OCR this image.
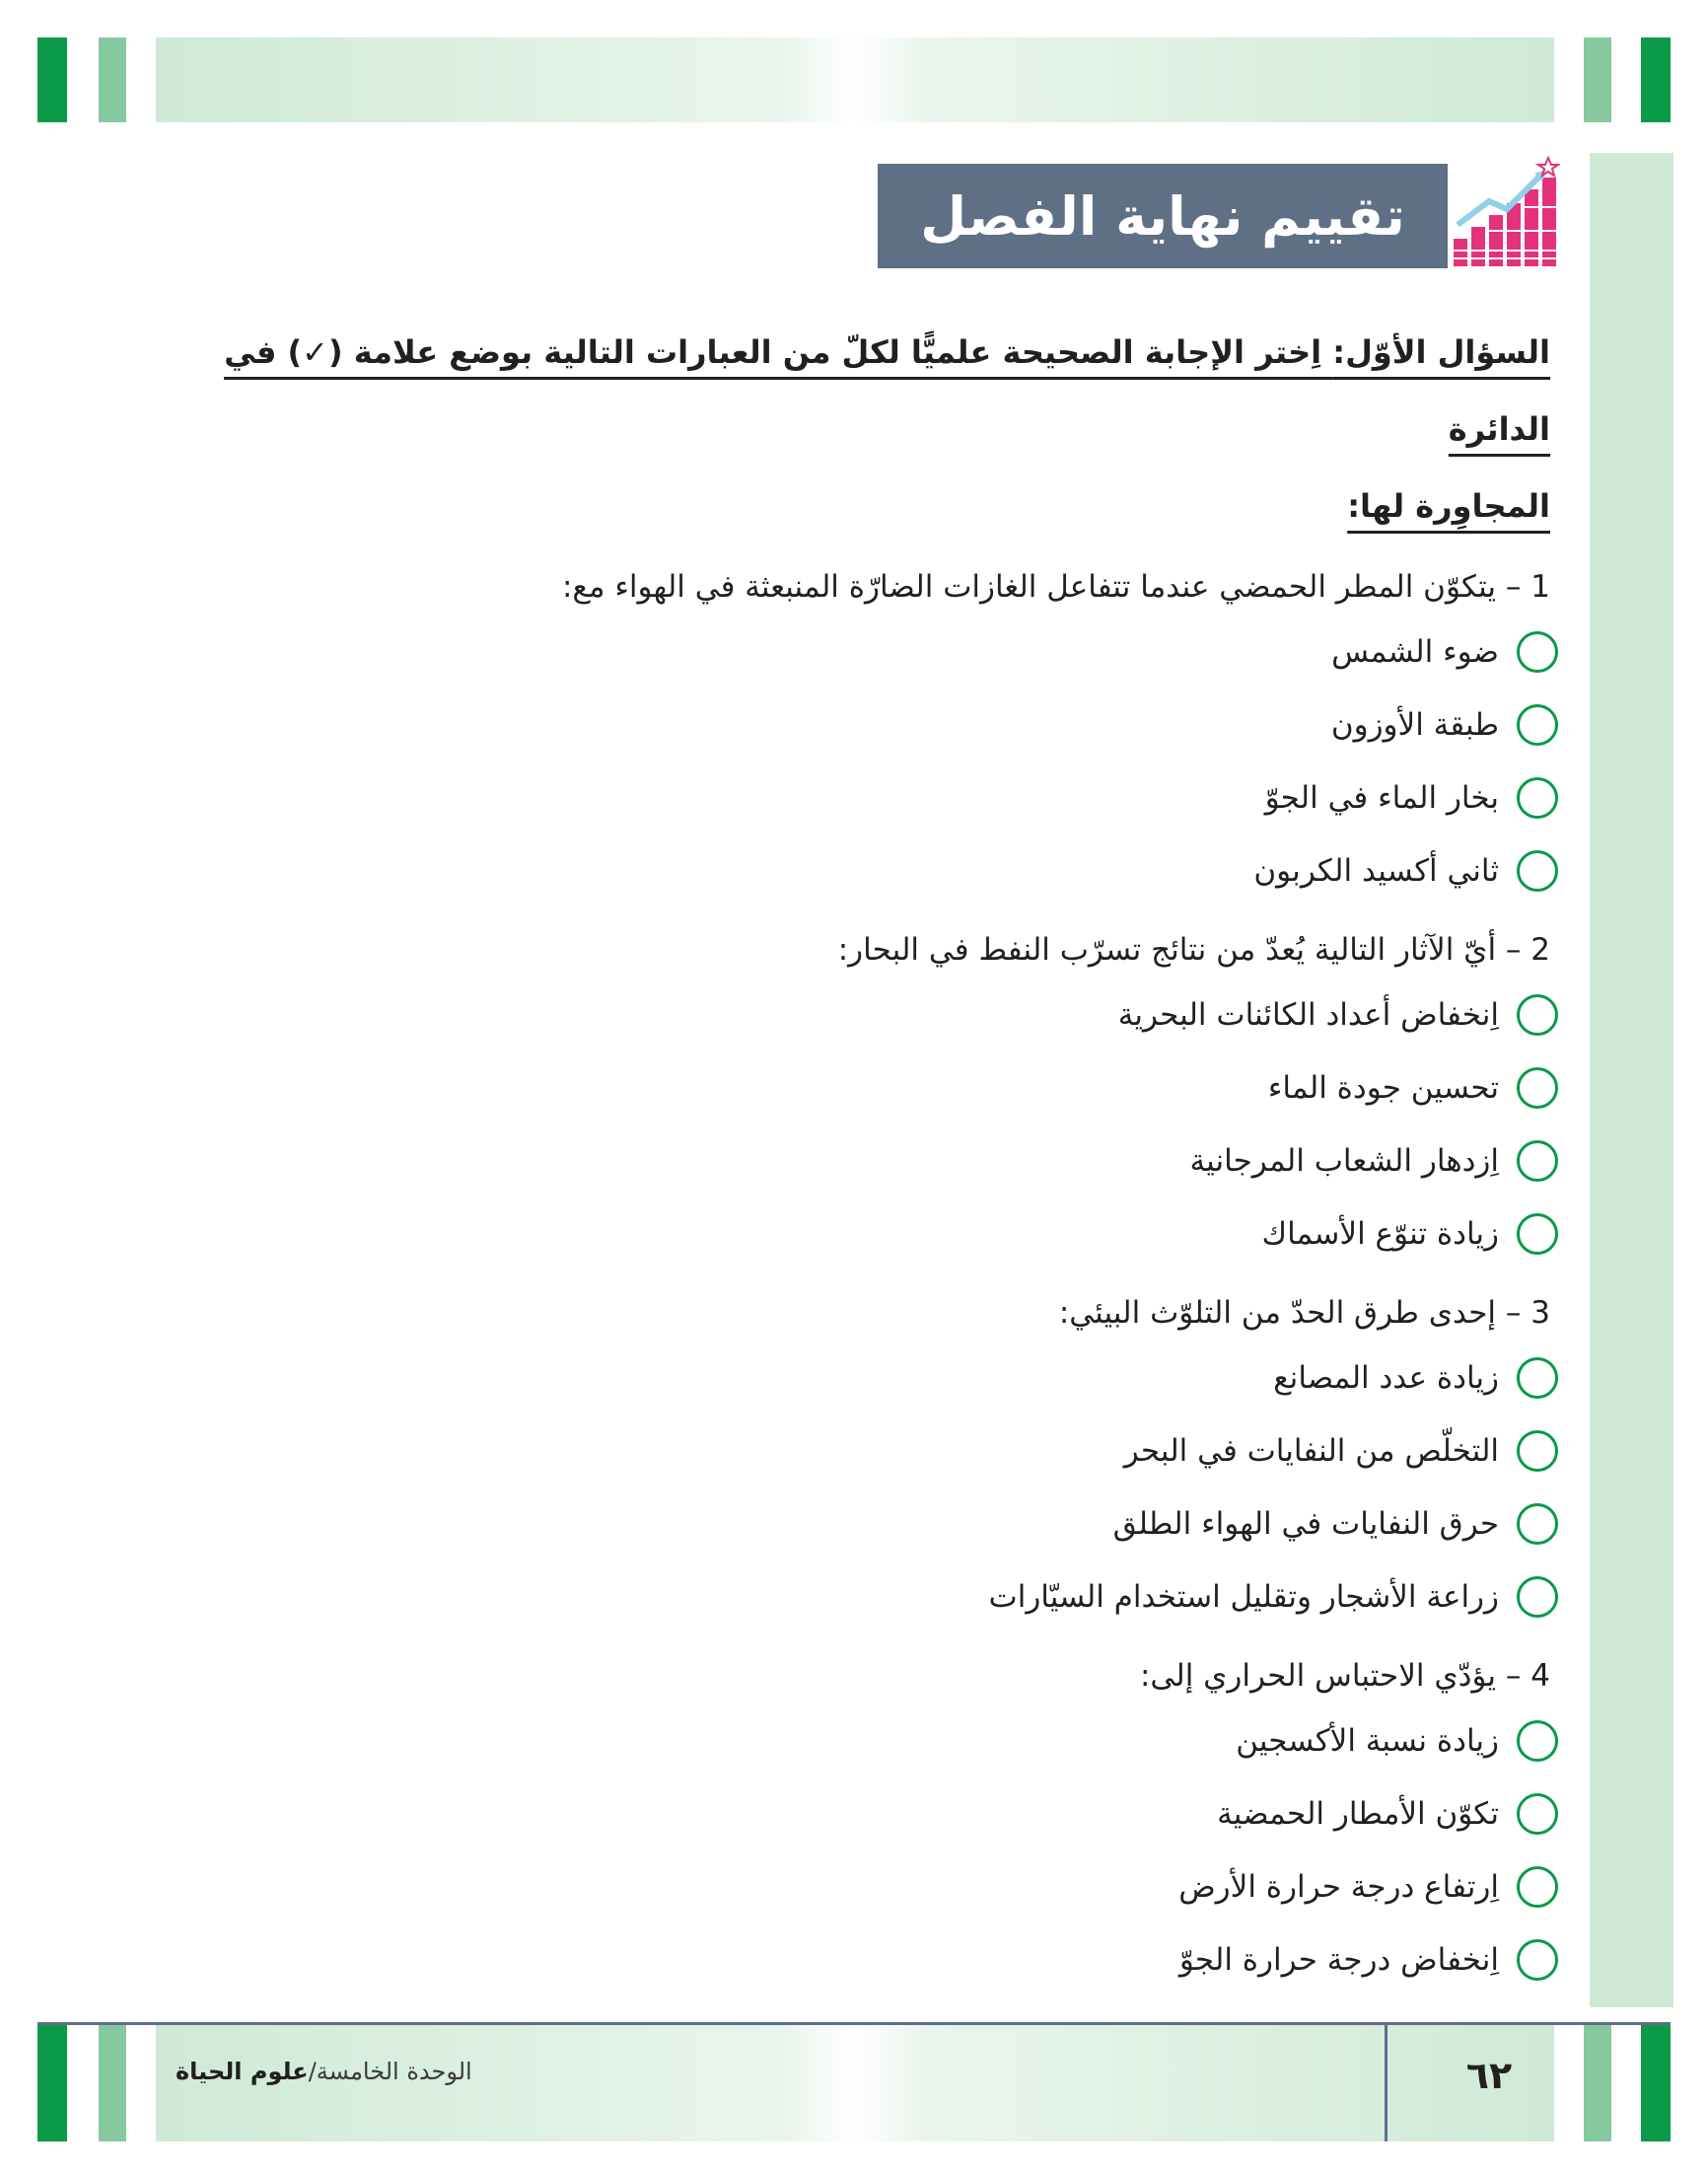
تقييم نهاية الفصل

السؤال الأوّل: اِختر الإجابة الصحيحة علميًّا لكلّ من العبارات التالية بوضع علامة (✓) في الدائرة
المجاوِرة لها:

1 – يتكوّن المطر الحمضي عندما تتفاعل الغازات الضارّة المنبعثة في الهواء مع:
ضوء الشمس
طبقة الأوزون
بخار الماء في الجوّ
ثاني أكسيد الكربون
2 – أيّ الآثار التالية يُعدّ من نتائج تسرّب النفط في البحار:
اِنخفاض أعداد الكائنات البحرية
تحسين جودة الماء
اِزدهار الشعاب المرجانية
زيادة تنوّع الأسماك
3 – إحدى طرق الحدّ من التلوّث البيئي:
زيادة عدد المصانع
التخلّص من النفايات في البحر
حرق النفايات في الهواء الطلق
زراعة الأشجار وتقليل استخدام السيّارات
4 – يؤدّي الاحتباس الحراري إلى:
زيادة نسبة الأكسجين
تكوّن الأمطار الحمضية
اِرتفاع درجة حرارة الأرض
اِنخفاض درجة حرارة الجوّ
الوحدة الخامسة/علوم الحياة	٦٢
